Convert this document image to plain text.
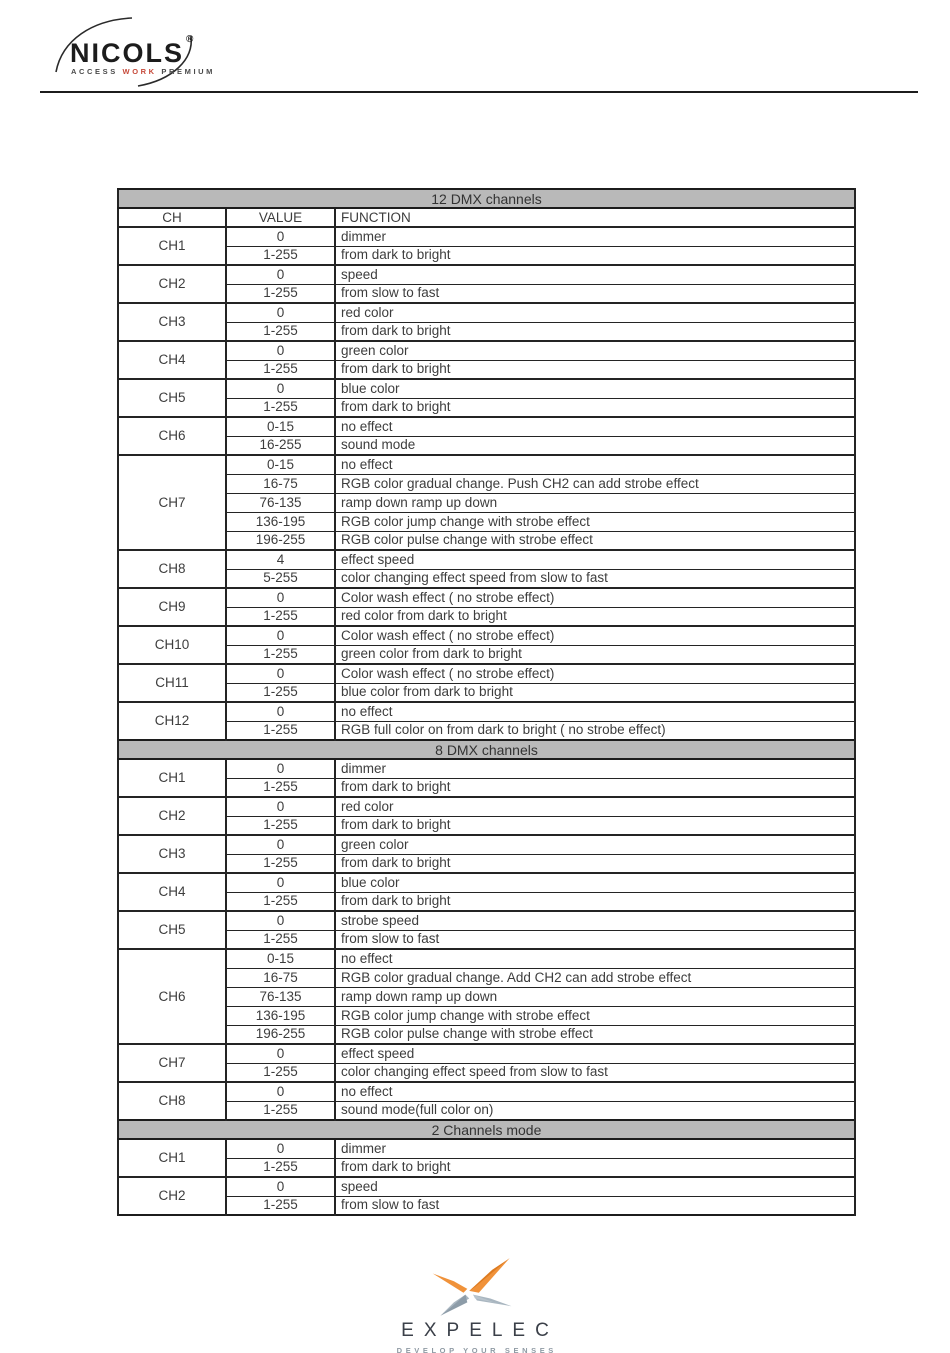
NICOLS ®
ACCESS WORK PREMIUM
12 DMX channels		
CH	VALUE	FUNCTION
CH1	0	dimmer
	1-255	from dark to bright
CH2	0	speed
	1-255	from slow to fast
CH3	0	red color
	1-255	from dark to bright
CH4	0	green color
	1-255	from dark to bright
CH5	0	blue color
	1-255	from dark to bright
CH6	0-15	no effect
	16-255	sound mode
CH7	0-15	no effect
	16-75	RGB color gradual change. Push CH2 can add strobe effect
	76-135	ramp down ramp up down
	136-195	RGB color jump change with strobe effect
	196-255	RGB color pulse change with strobe effect
CH8	4	effect speed
	5-255	color changing effect speed from slow to fast
CH9	0	Color wash effect ( no strobe effect)
	1-255	red color from dark to bright
CH10	0	Color wash effect ( no strobe effect)
	1-255	green color from dark to bright
CH11	0	Color wash effect ( no strobe effect)
	1-255	blue color from dark to bright
CH12	0	no effect
	1-255	RGB full color on from dark to bright ( no strobe effect)
8 DMX channels		
CH1	0	dimmer
	1-255	from dark to bright
CH2	0	red color
	1-255	from dark to bright
CH3	0	green color
	1-255	from dark to bright
CH4	0	blue color
	1-255	from dark to bright
CH5	0	strobe speed
	1-255	from slow to fast
CH6	0-15	no effect
	16-75	RGB color gradual change. Add CH2 can add strobe effect
	76-135	ramp down ramp up down
	136-195	RGB color jump change with strobe effect
	196-255	RGB color pulse change with strobe effect
CH7	0	effect speed
	1-255	color changing effect speed from slow to fast
CH8	0	no effect
	1-255	sound mode(full color on)
2 Channels mode		
CH1	0	dimmer
	1-255	from dark to bright
CH2	0	speed
	1-255	from slow to fast
EXPELEC
DEVELOP YOUR SENSES
